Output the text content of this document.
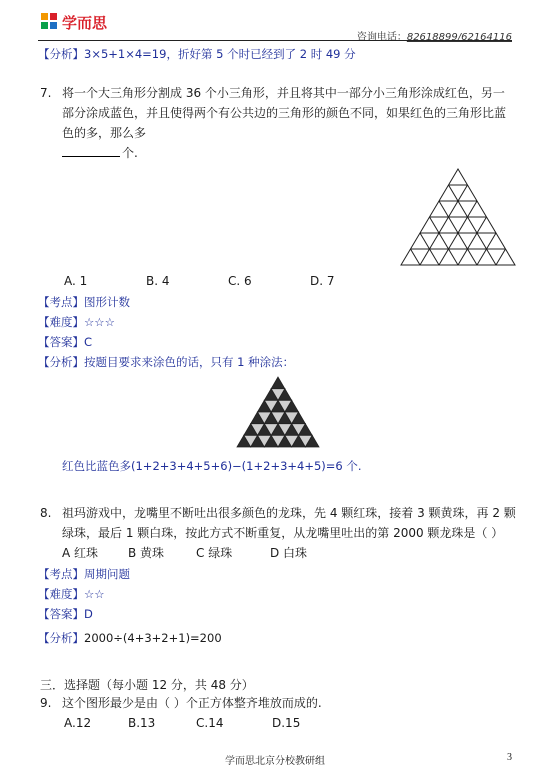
学而思
咨询电话：82618899/62164116
【分析】3×5+1×4=19，折好第 5 个时已经到了 2 时 49 分
7. 将一个大三角形分割成 36 个小三角形，并且将其中一部分小三角形涂成红色，另一
部分涂成蓝色，并且使得两个有公共边的三角形的颜色不同，如果红色的三角形比蓝
色的多，那么多
个.
A. 1	B. 4	C. 6	D. 7
【考点】图形计数
【难度】☆☆☆
【答案】C
【分析】按题目要求来涂色的话，只有 1 种涂法：
红色比蓝色多(1+2+3+4+5+6)−(1+2+3+4+5)=6 个.
8. 祖玛游戏中，龙嘴里不断吐出很多颜色的龙珠，先 4 颗红珠，接着 3 颗黄珠，再 2 颗
绿珠，最后 1 颗白珠，按此方式不断重复，从龙嘴里吐出的第 2000 颗龙珠是（ ）
A 红珠 B 黄珠	C 绿珠	D 白珠
【考点】周期问题
【难度】☆☆
【答案】D
【分析】2000÷(4+3+2+1)=200
三．选择题（每小题 12 分，共 48 分）
9. 这个图形最少是由（ ）个正方体整齐堆放而成的.
A.12	B.13	C.14	D.15
学而思北京分校教研组	3
